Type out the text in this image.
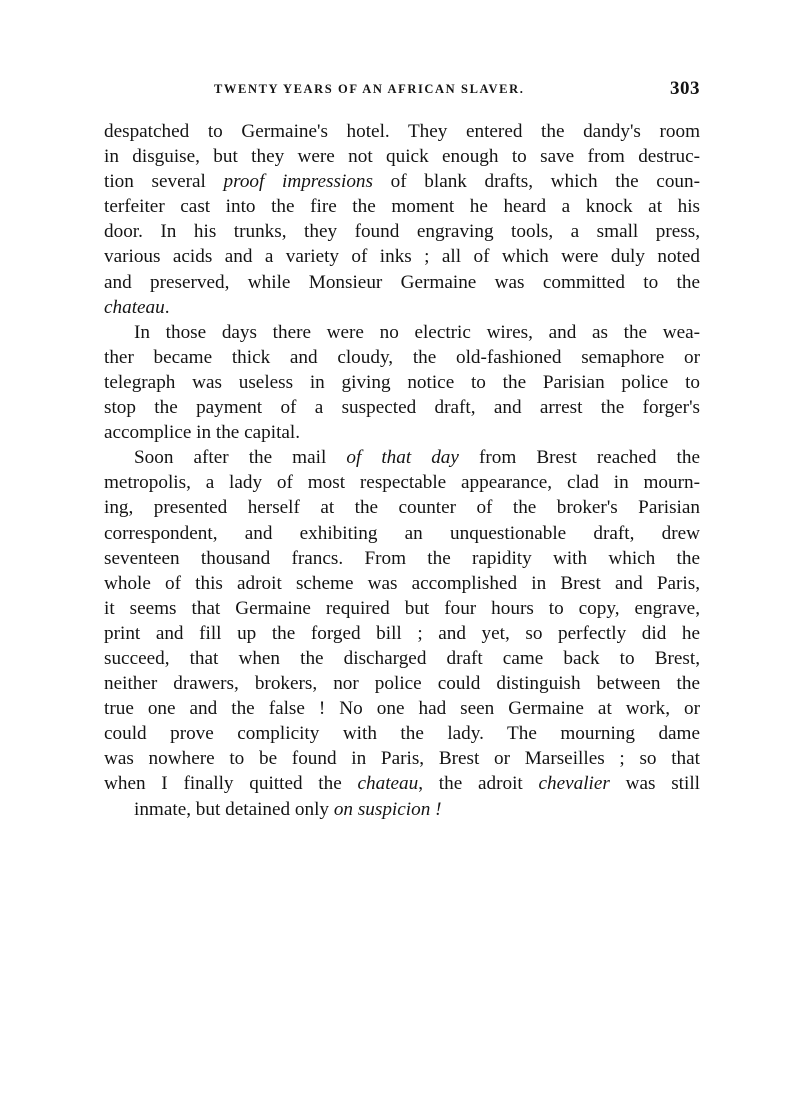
TWENTY YEARS OF AN AFRICAN SLAVER.	303
despatched to Germaine's hotel. They entered the dandy's room
in disguise, but they were not quick enough to save from destruc-
tion several proof impressions of blank drafts, which the coun-
terfeiter cast into the fire the moment he heard a knock at his
door. In his trunks, they found engraving tools, a small press,
various acids and a variety of inks ; all of which were duly noted
and preserved, while Monsieur Germaine was committed to the
chateau.
In those days there were no electric wires, and as the wea-
ther became thick and cloudy, the old-fashioned semaphore or
telegraph was useless in giving notice to the Parisian police to
stop the payment of a suspected draft, and arrest the forger's
accomplice in the capital.
Soon after the mail of that day from Brest reached the
metropolis, a lady of most respectable appearance, clad in mourn-
ing, presented herself at the counter of the broker's Parisian
correspondent, and exhibiting an unquestionable draft, drew
seventeen thousand francs. From the rapidity with which the
whole of this adroit scheme was accomplished in Brest and Paris,
it seems that Germaine required but four hours to copy, engrave,
print and fill up the forged bill ; and yet, so perfectly did he
succeed, that when the discharged draft came back to Brest,
neither drawers, brokers, nor police could distinguish between the
true one and the false ! No one had seen Germaine at work, or
could prove complicity with the lady. The mourning dame
was nowhere to be found in Paris, Brest or Marseilles ; so that
when I finally quitted the chateau, the adroit chevalier was still
inmate, but detained only on suspicion !
